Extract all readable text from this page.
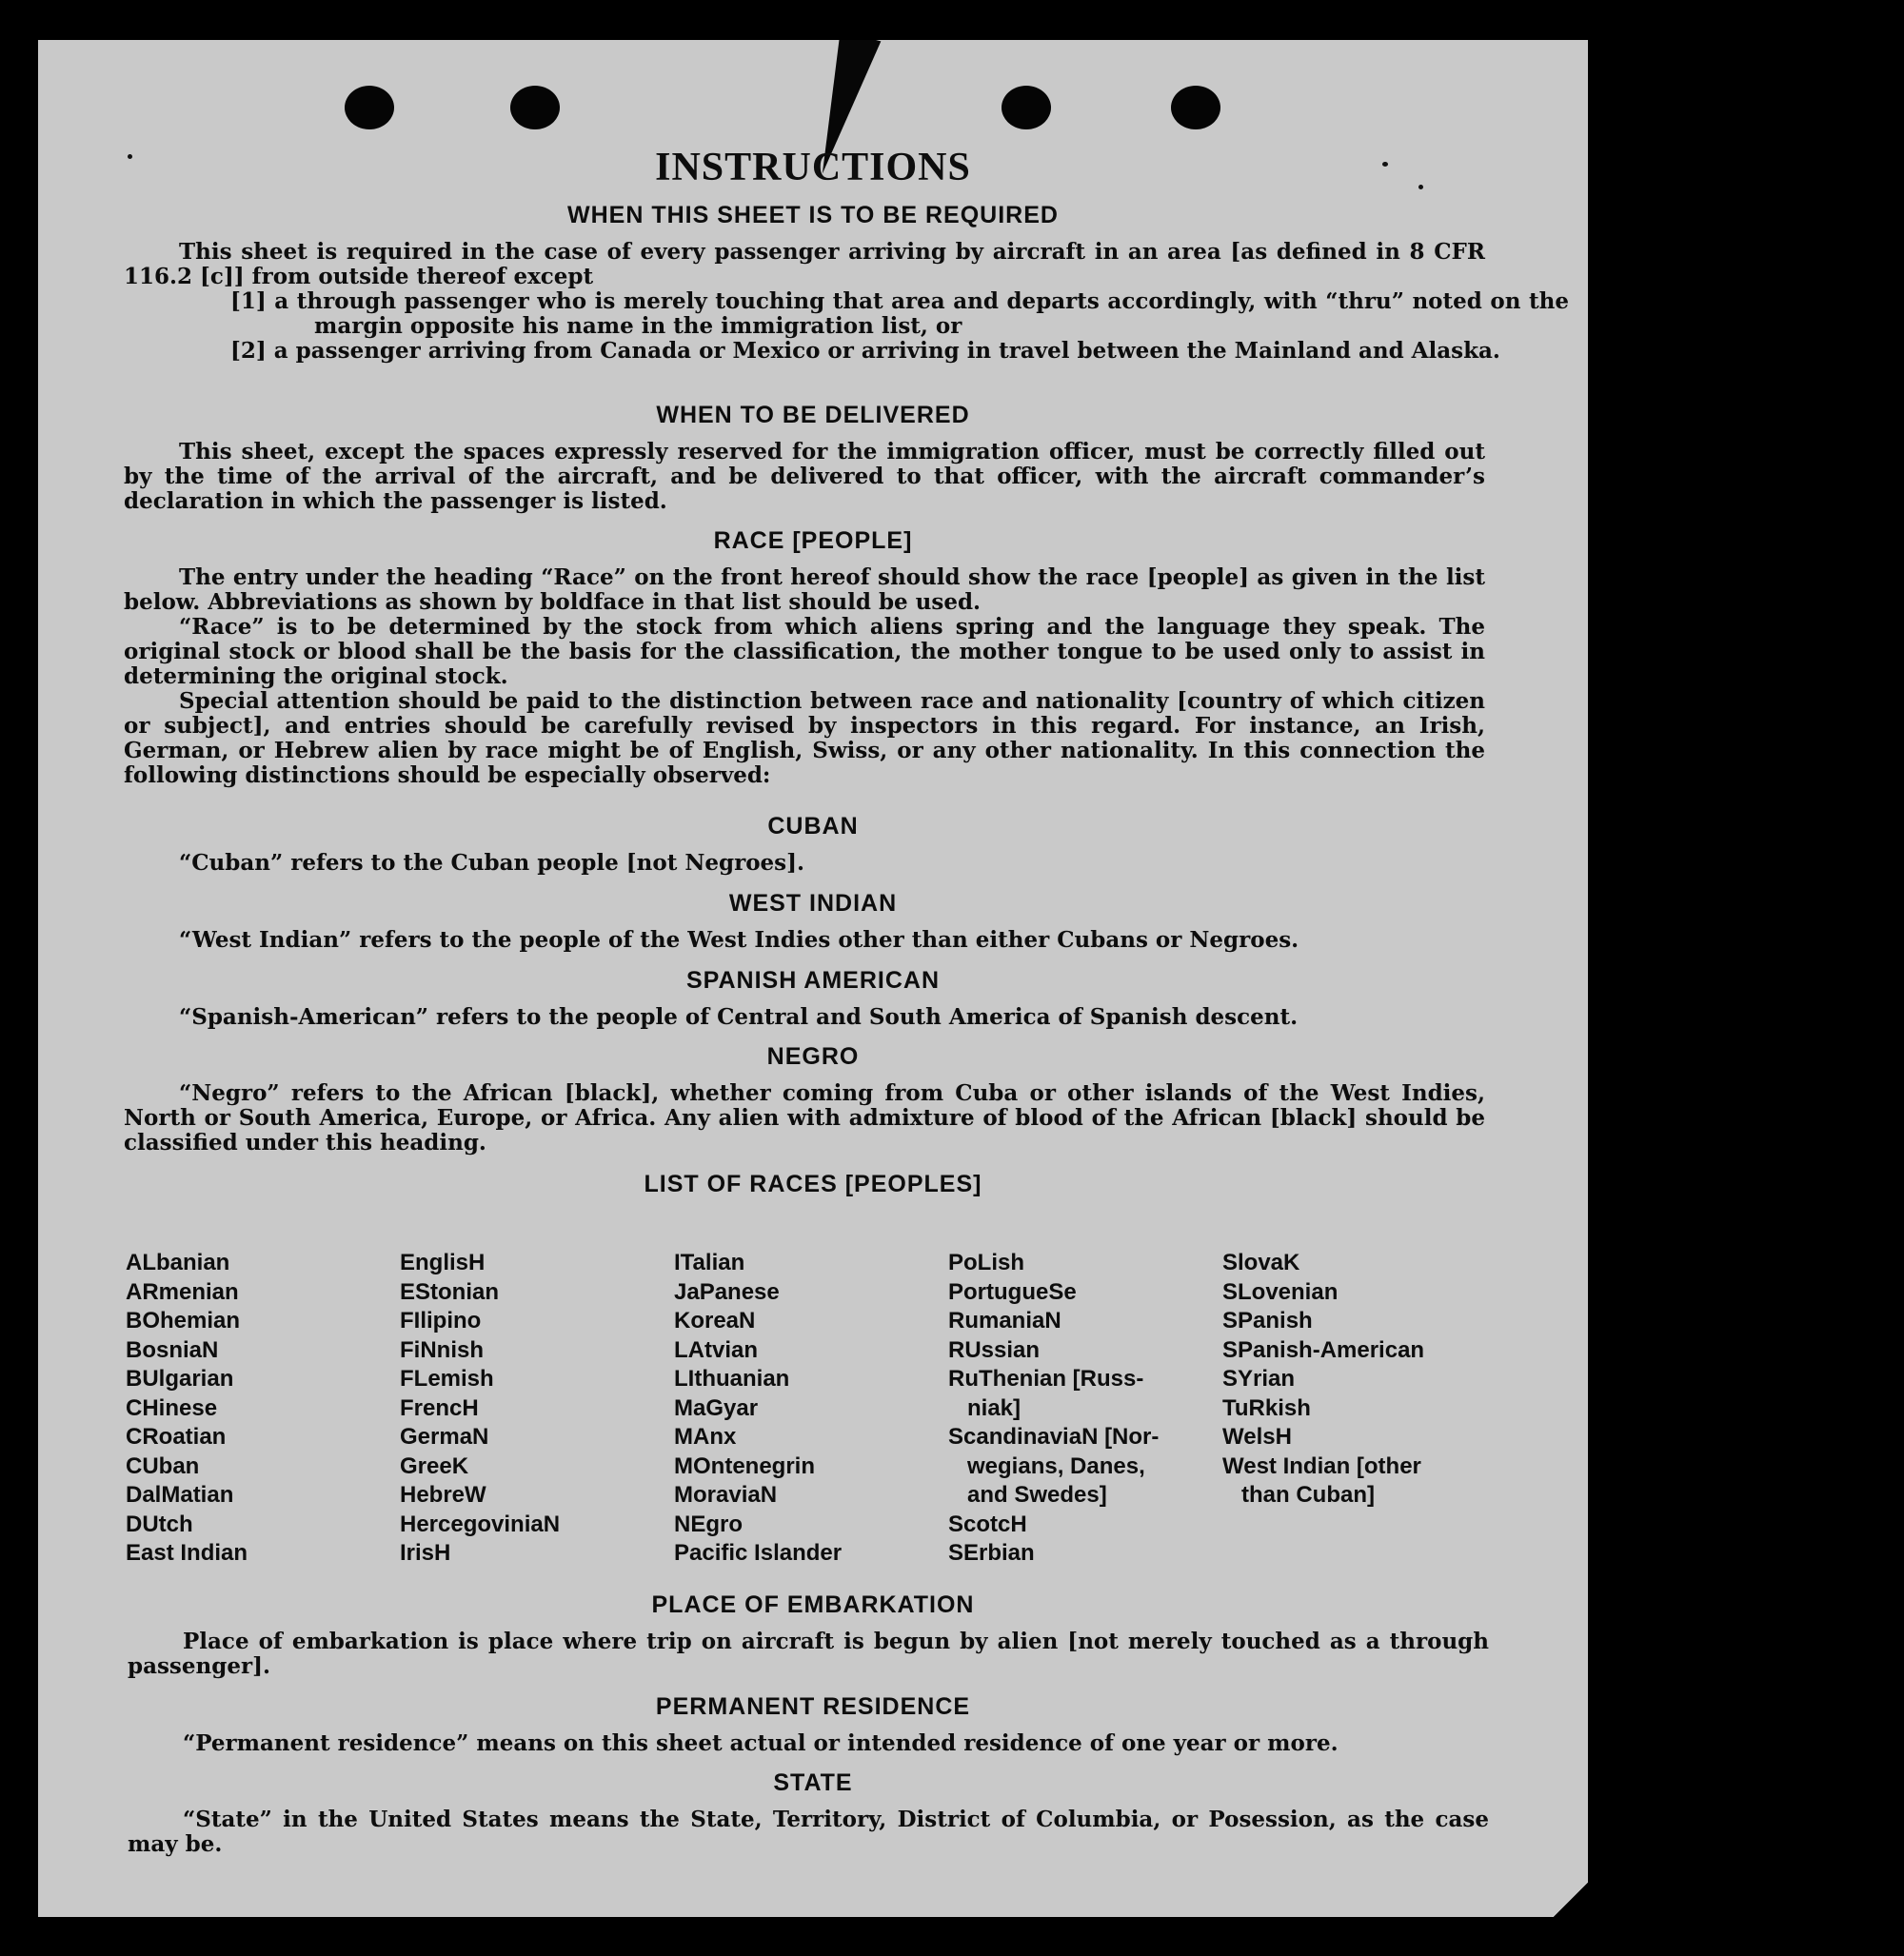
INSTRUCTIONS
WHEN THIS SHEET IS TO BE REQUIRED
This sheet is required in the case of every passenger arriving by aircraft in an area [as defined in 8 CFR 116.2 [c]] from outside thereof except
[1] a through passenger who is merely touching that area and departs accordingly, with “thru” noted on the margin opposite his name in the immigration list, or
[2] a passenger arriving from Canada or Mexico or arriving in travel between the Mainland and Alaska.
WHEN TO BE DELIVERED
This sheet, except the spaces expressly reserved for the immigration officer, must be correctly filled out by the time of the arrival of the aircraft, and be delivered to that officer, with the aircraft commander’s declaration in which the passenger is listed.
RACE [PEOPLE]
The entry under the heading “Race” on the front hereof should show the race [people] as given in the list below. Abbreviations as shown by boldface in that list should be used.
“Race” is to be determined by the stock from which aliens spring and the language they speak. The original stock or blood shall be the basis for the classification, the mother tongue to be used only to assist in determining the original stock.
Special attention should be paid to the distinction between race and nationality [country of which citizen or subject], and entries should be carefully revised by inspectors in this regard. For instance, an Irish, German, or Hebrew alien by race might be of English, Swiss, or any other nationality. In this connection the following distinctions should be especially observed:
CUBAN
“Cuban” refers to the Cuban people [not Negroes].
WEST INDIAN
“West Indian” refers to the people of the West Indies other than either Cubans or Negroes.
SPANISH AMERICAN
“Spanish-American” refers to the people of Central and South America of Spanish descent.
NEGRO
“Negro” refers to the African [black], whether coming from Cuba or other islands of the West Indies, North or South America, Europe, or Africa. Any alien with admixture of blood of the African [black] should be classified under this heading.
LIST OF RACES [PEOPLES]
ALbanian
ARmenian
BOhemian
BosniaN
BUlgarian
CHinese
CRoatian
CUban
DalMatian
DUtch
East Indian
EnglisH
EStonian
FIlipino
FiNnish
FLemish
FrencH
GermaN
GreeK
HebreW
HercegoviniaN
IrisH
ITalian
JaPanese
KoreaN
LAtvian
LIthuanian
MaGyar
MAnx
MOntenegrin
MoraviaN
NEgro
Pacific Islander
PoLish
PortugueSe
RumaniaN
RUssian
RuThenian [Russ-
niak]
ScandinaviaN [Nor-
wegians, Danes,
and Swedes]
ScotcH
SErbian
SlovaK
SLovenian
SPanish
SPanish-American
SYrian
TuRkish
WelsH
West Indian [other
than Cuban]
PLACE OF EMBARKATION
Place of embarkation is place where trip on aircraft is begun by alien [not merely touched as a through passenger].
PERMANENT RESIDENCE
“Permanent residence” means on this sheet actual or intended residence of one year or more.
STATE
“State” in the United States means the State, Territory, District of Columbia, or Posession, as the case may be.
